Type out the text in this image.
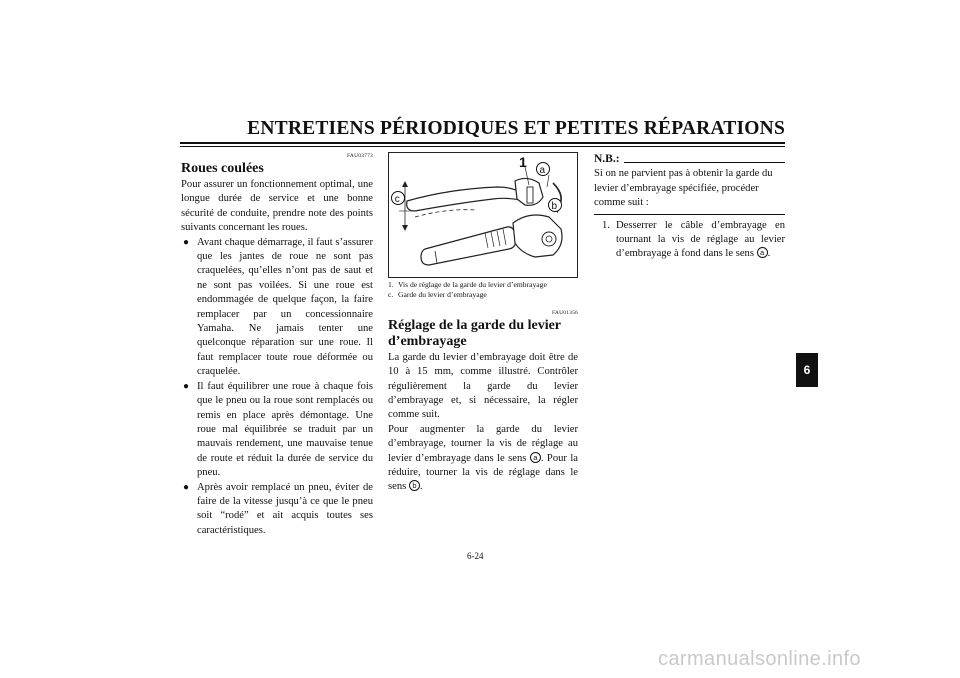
ENTRETIENS PÉRIODIQUES ET PETITES RÉPARATIONS
FAU03773
Roues coulées
Pour assurer un fonctionnement optimal, une longue durée de service et une bonne sécurité de conduite, prendre note des points suivants concernant les roues.
● Avant chaque démarrage, il faut s’assurer que les jantes de roue ne sont pas craquelées, qu’elles n’ont pas de saut et ne sont pas voilées. Si une roue est endommagée de quelque façon, la faire remplacer par un concessionnaire Yamaha. Ne jamais tenter une quelconque réparation sur une roue. Il faut remplacer toute roue déformée ou craquelée.
● Il faut équilibrer une roue à chaque fois que le pneu ou la roue sont remplacés ou remis en place après démontage. Une roue mal équilibrée se traduit par un mauvais rendement, une mauvaise tenue de route et réduit la durée de service du pneu.
● Après avoir remplacé un pneu, éviter de faire de la vitesse jusqu’à ce que le pneu soit “rodé” et ait acquis toutes ses caractéristiques.
1
a
b
c
1. Vis de réglage de la garde du levier d’embrayage
c. Garde du levier d’embrayage
FAU01356
Réglage de la garde du levier d’embrayage
La garde du levier d’embrayage doit être de 10 à 15 mm, comme illustré. Contrôler régulièrement la garde du levier d’embrayage et, si nécessaire, la régler comme suit.
Pour augmenter la garde du levier d’embrayage, tourner la vis de réglage au levier d’embrayage dans le sens a . Pour la réduire, tourner la vis de réglage dans le sens b .
N.B.:
Si on ne parvient pas à obtenir la garde du levier d’embrayage spécifiée, procéder comme suit :
1. Desserrer le câble d’embrayage en tournant la vis de réglage au levier d’embrayage à fond dans le sens a .
6-24
6
carmanualsonline.info
